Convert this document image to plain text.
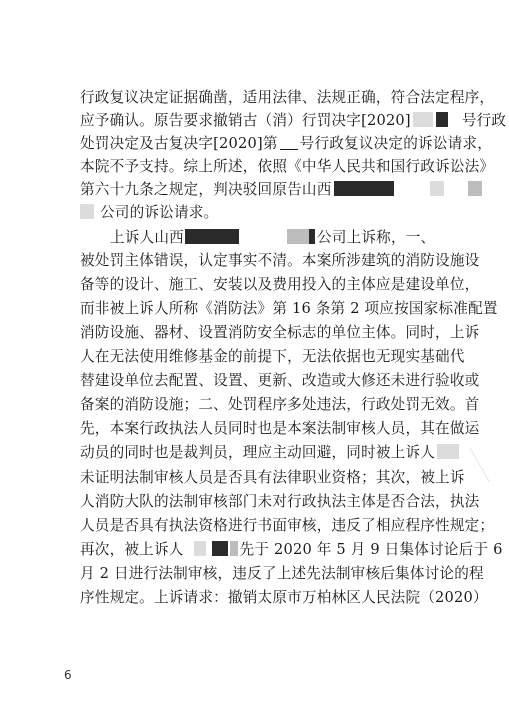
行政复议决定证据确凿，适用法律、法规正确，符合法定程序，
应予确认。原告要求撤销古（消）行罚决字[2020]	号行政
处罚决定及古复决字[2020]第 号行政复议决定的诉讼请求，
本院不予支持。综上所述，依照《中华人民共和国行政诉讼法》
第六十九条之规定，判决驳回原告山西
公司的诉讼请求。
上诉人山西	公司上诉称，一、
被处罚主体错误，认定事实不清。本案所涉建筑的消防设施设
备等的设计、施工、安装以及费用投入的主体应是建设单位，
而非被上诉人所称《消防法》第 16 条第 2 项应按国家标准配置
消防设施、器材、设置消防安全标志的单位主体。同时，上诉
人在无法使用维修基金的前提下，无法依据也无现实基础代
替建设单位去配置、设置、更新、改造或大修还未进行验收或
备案的消防设施；二、处罚程序多处违法，行政处罚无效。首
先，本案行政执法人员同时也是本案法制审核人员，其在做运
动员的同时也是裁判员，理应主动回避，同时被上诉人
未证明法制审核人员是否具有法律职业资格；其次，被上诉
人消防大队的法制审核部门未对行政执法主体是否合法，执法
人员是否具有执法资格进行书面审核，违反了相应程序性规定；
再次，被上诉人	先于 2020 年 5 月 9 日集体讨论后于 6
月 2 日进行法制审核，违反了上述先法制审核后集体讨论的程
序性规定。上诉请求：撤销太原市万柏林区人民法院（2020）
6
